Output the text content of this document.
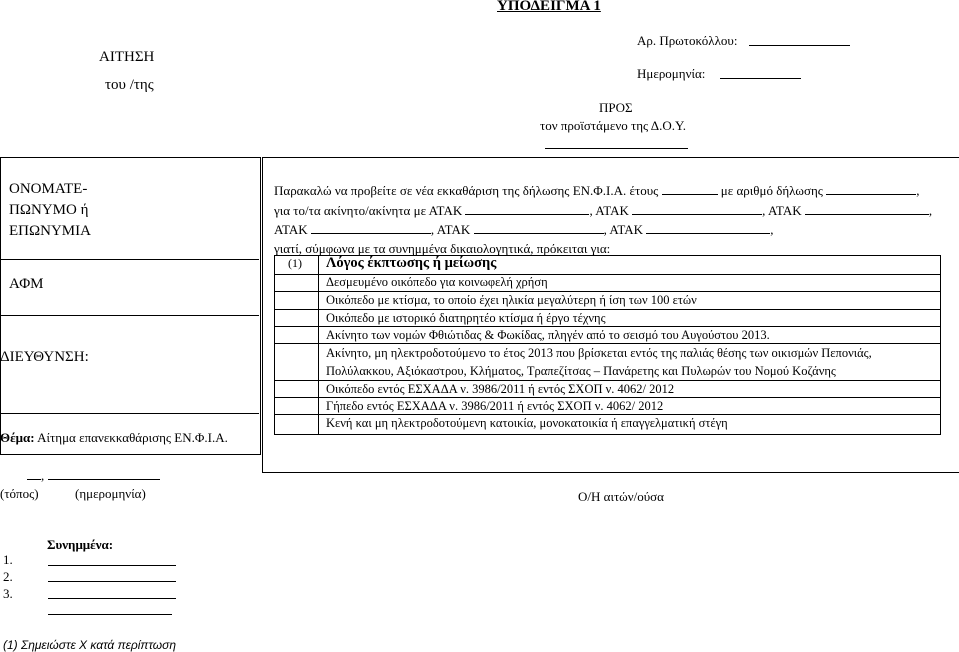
ΥΠΟΔΕΙΓΜΑ 1
ΑΙΤΗΣΗ
του /της
Αρ. Πρωτοκόλλου:
Ημερομηνία:
ΠΡΟΣ
τον προϊστάμενο της Δ.Ο.Υ.
ΟΝΟΜΑΤΕ-
ΠΩΝΥΜΟ ή
ΕΠΩΝΥΜΙΑ
ΑΦΜ
ΔΙΕΥΘΥΝΣΗ:
Θέμα: Αίτημα επανεκκαθάρισης ΕΝ.Φ.Ι.Α.
Παρακαλώ να προβείτε σε νέα εκκαθάριση της δήλωσης ΕΝ.Φ.Ι.Α. έτους	με αριθμό δήλωσης	,
για το/τα ακίνητο/ακίνητα με ΑΤΑΚ	, ΑΤΑΚ	, ΑΤΑΚ	,
ΑΤΑΚ	, ΑΤΑΚ	, ΑΤΑΚ	,
γιατί, σύμφωνα με τα συνημμένα δικαιολογητικά, πρόκειται για:
(1) Λόγος έκπτωσης ή μείωσης
Δεσμευμένο οικόπεδο για κοινωφελή χρήση
Οικόπεδο με κτίσμα, το οποίο έχει ηλικία μεγαλύτερη ή ίση των 100 ετών
Οικόπεδο με ιστορικό διατηρητέο κτίσμα ή έργο τέχνης
Ακίνητο των νομών Φθιώτιδας & Φωκίδας, πληγέν από το σεισμό του Αυγούστου 2013.
Ακίνητο, μη ηλεκτροδοτούμενο το έτος 2013 που βρίσκεται εντός της παλιάς θέσης των οικισμών Πεπονιάς,
Πολύλακκου, Αξιόκαστρου, Κλήματος, Τραπεζίτσας – Πανάρετης και Πυλωρών του Νομού Κοζάνης
Οικόπεδο εντός ΕΣΧΑΔΑ ν. 3986/2011 ή εντός ΣΧΟΠ ν. 4062/ 2012
Γήπεδο εντός ΕΣΧΑΔΑ ν. 3986/2011 ή εντός ΣΧΟΠ ν. 4062/ 2012
Κενή και μη ηλεκτροδοτούμενη κατοικία, μονοκατοικία ή επαγγελματική στέγη
,
(τόπος)	(ημερομηνία)	Ο/Η αιτών/ούσα
Συνημμένα:
1.
2.
3.
(1) Σημειώστε Χ κατά περίπτωση
